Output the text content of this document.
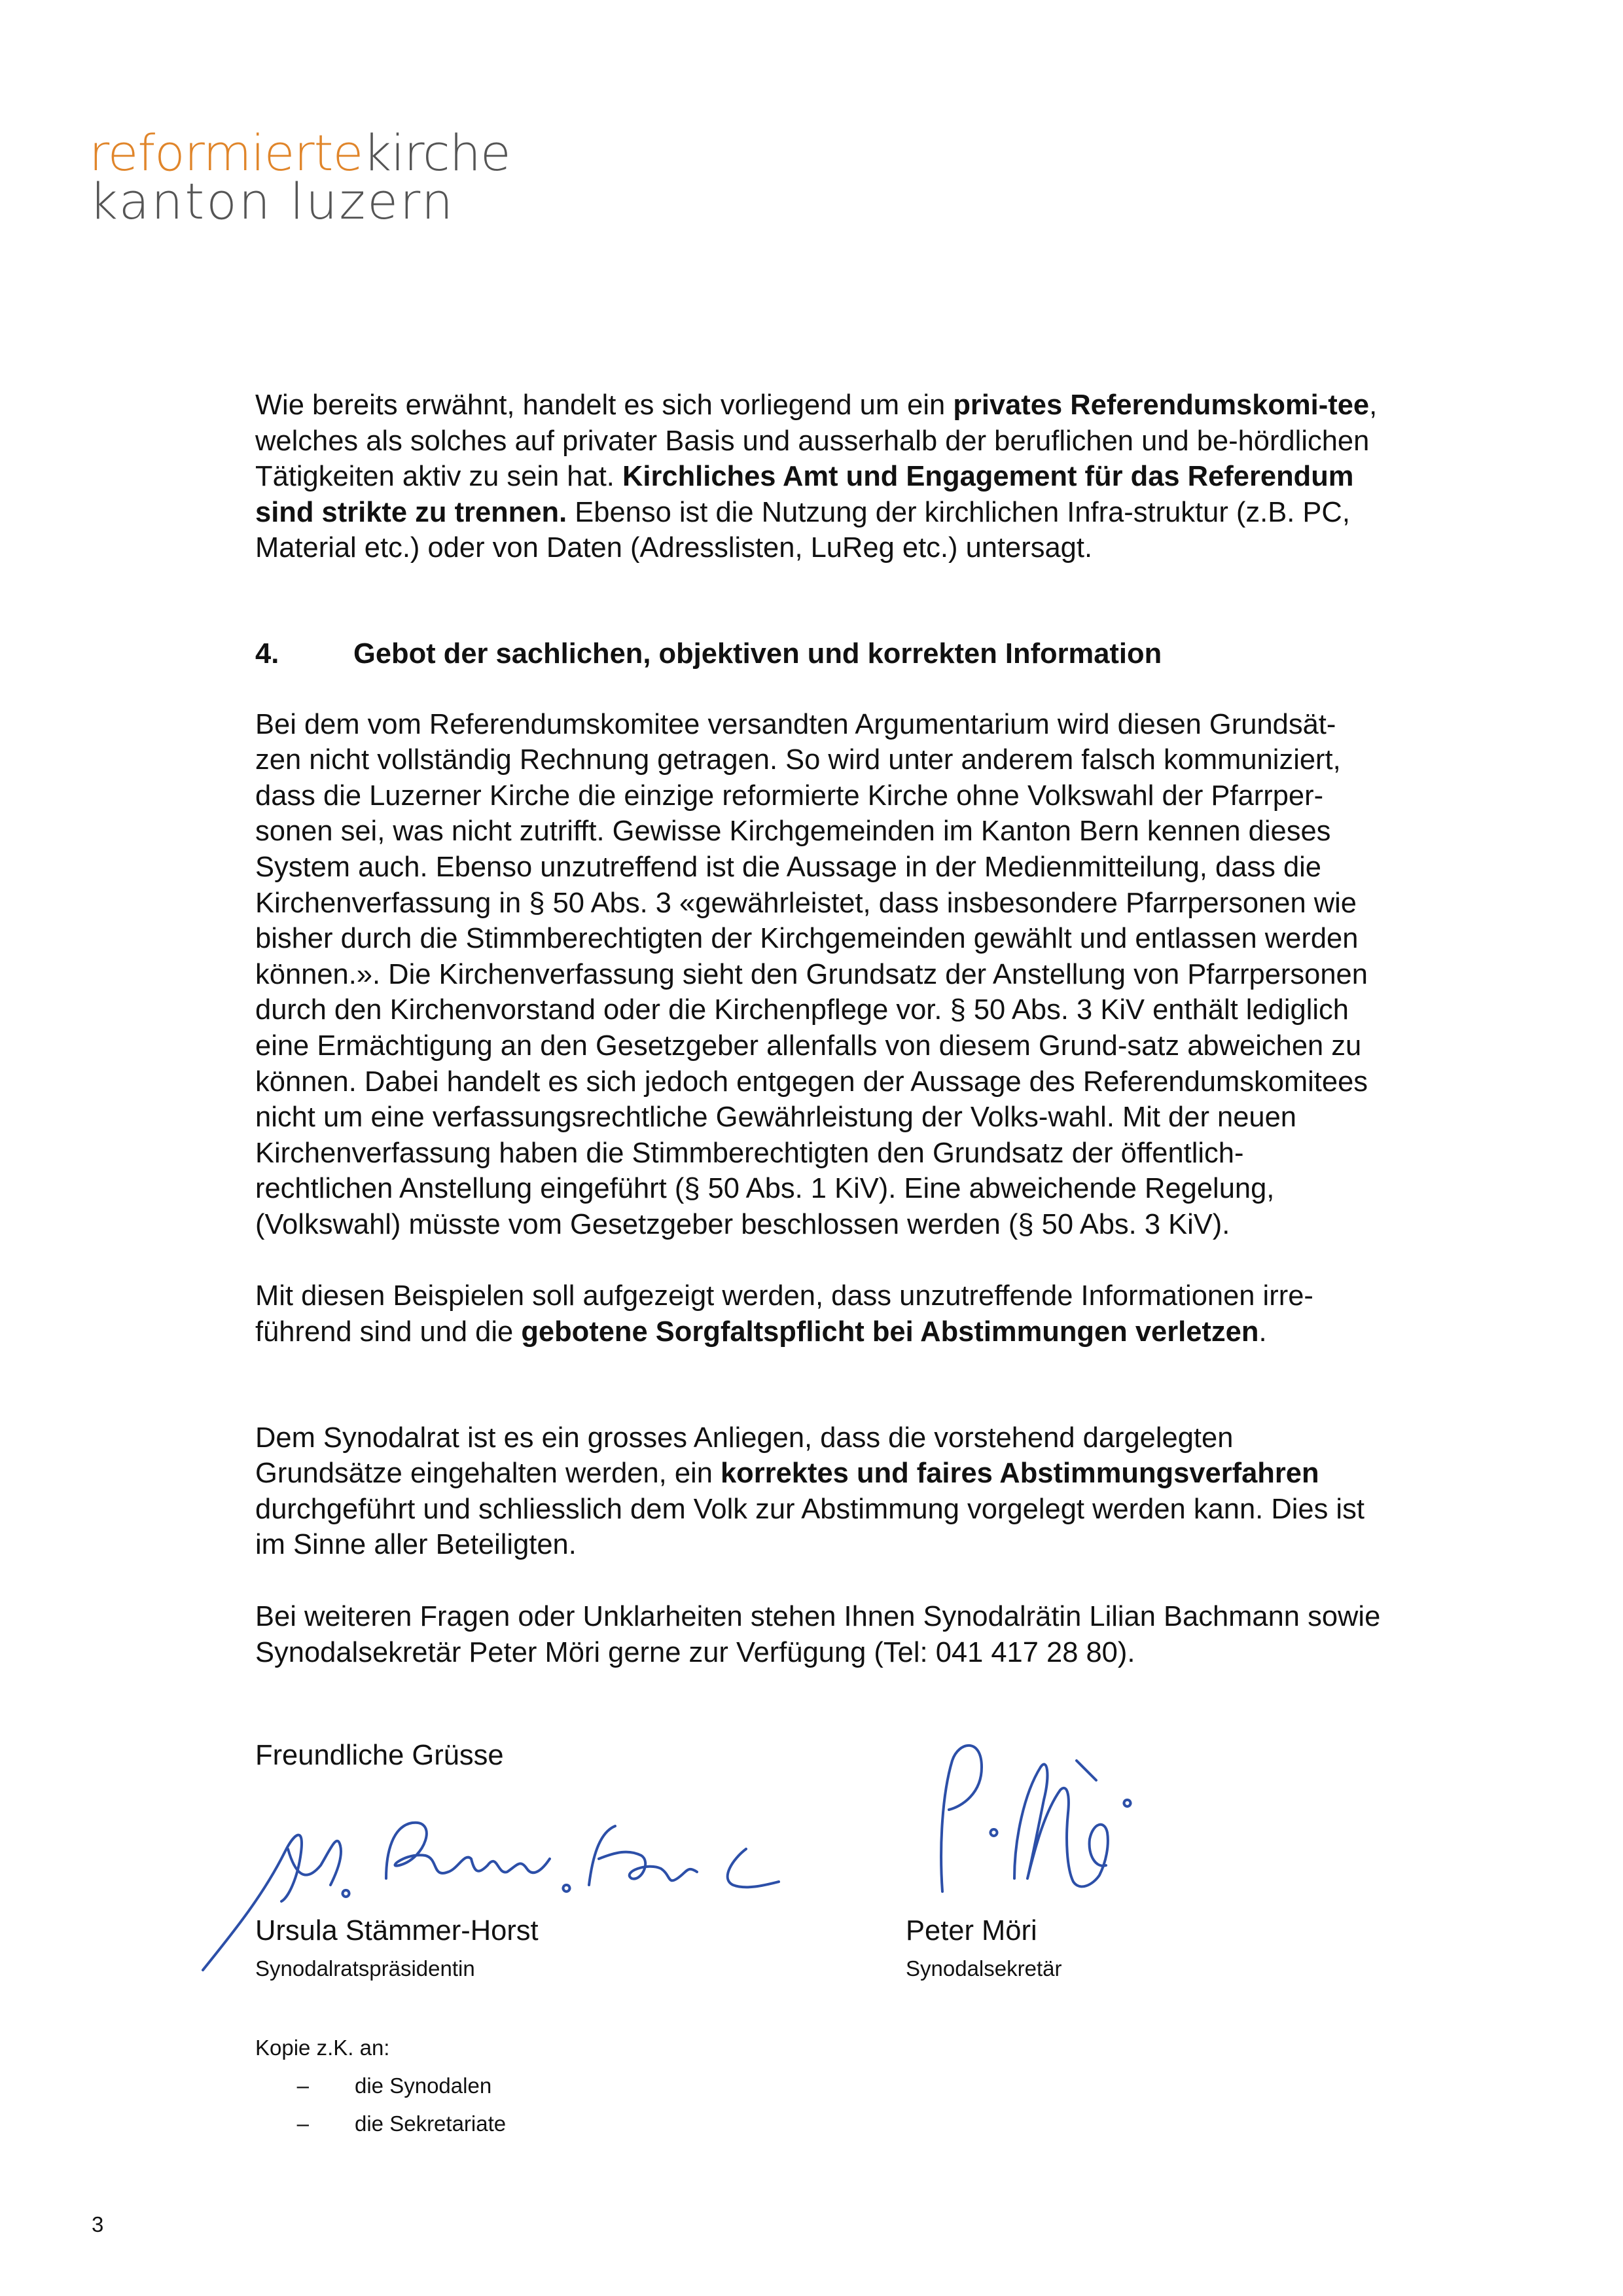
reformiertekirche
kanton luzern

Wie bereits erwähnt, handelt es sich vorliegend um ein privates Referendumskomi-tee, welches als solches auf privater Basis und ausserhalb der beruflichen und be-hördlichen Tätigkeiten aktiv zu sein hat. Kirchliches Amt und Engagement für das Referendum sind strikte zu trennen. Ebenso ist die Nutzung der kirchlichen Infra-struktur (z.B. PC, Material etc.) oder von Daten (Adresslisten, LuReg etc.) untersagt.

4.	Gebot der sachlichen, objektiven und korrekten Information

Bei dem vom Referendumskomitee versandten Argumentarium wird diesen Grundsät-zen nicht vollständig Rechnung getragen. So wird unter anderem falsch kommuniziert, dass die Luzerner Kirche die einzige reformierte Kirche ohne Volkswahl der Pfarrper-sonen sei, was nicht zutrifft. Gewisse Kirchgemeinden im Kanton Bern kennen dieses System auch. Ebenso unzutreffend ist die Aussage in der Medienmitteilung, dass die Kirchenverfassung in § 50 Abs. 3 «gewährleistet, dass insbesondere Pfarrpersonen wie bisher durch die Stimmberechtigten der Kirchgemeinden gewählt und entlassen werden können.». Die Kirchenverfassung sieht den Grundsatz der Anstellung von Pfarrpersonen durch den Kirchenvorstand oder die Kirchenpflege vor. § 50 Abs. 3 KiV enthält lediglich eine Ermächtigung an den Gesetzgeber allenfalls von diesem Grund-satz abweichen zu können. Dabei handelt es sich jedoch entgegen der Aussage des Referendumskomitees nicht um eine verfassungsrechtliche Gewährleistung der Volks-wahl. Mit der neuen Kirchenverfassung haben die Stimmberechtigten den Grundsatz der öffentlich-rechtlichen Anstellung eingeführt (§ 50 Abs. 1 KiV). Eine abweichende Regelung, (Volkswahl) müsste vom Gesetzgeber beschlossen werden (§ 50 Abs. 3 KiV).

Mit diesen Beispielen soll aufgezeigt werden, dass unzutreffende Informationen irre-führend sind und die gebotene Sorgfaltspflicht bei Abstimmungen verletzen.

Dem Synodalrat ist es ein grosses Anliegen, dass die vorstehend dargelegten Grundsätze eingehalten werden, ein korrektes und faires Abstimmungsverfahren durchgeführt und schliesslich dem Volk zur Abstimmung vorgelegt werden kann. Dies ist im Sinne aller Beteiligten.

Bei weiteren Fragen oder Unklarheiten stehen Ihnen Synodalrätin Lilian Bachmann sowie Synodalsekretär Peter Möri gerne zur Verfügung (Tel: 041 417 28 80).

Freundliche Grüsse
Ursula Stämmer-Horst
Synodalratspräsidentin
Peter Möri
Synodalsekretär
Kopie z.K. an:
–	die Synodalen
–	die Sekretariate
3
